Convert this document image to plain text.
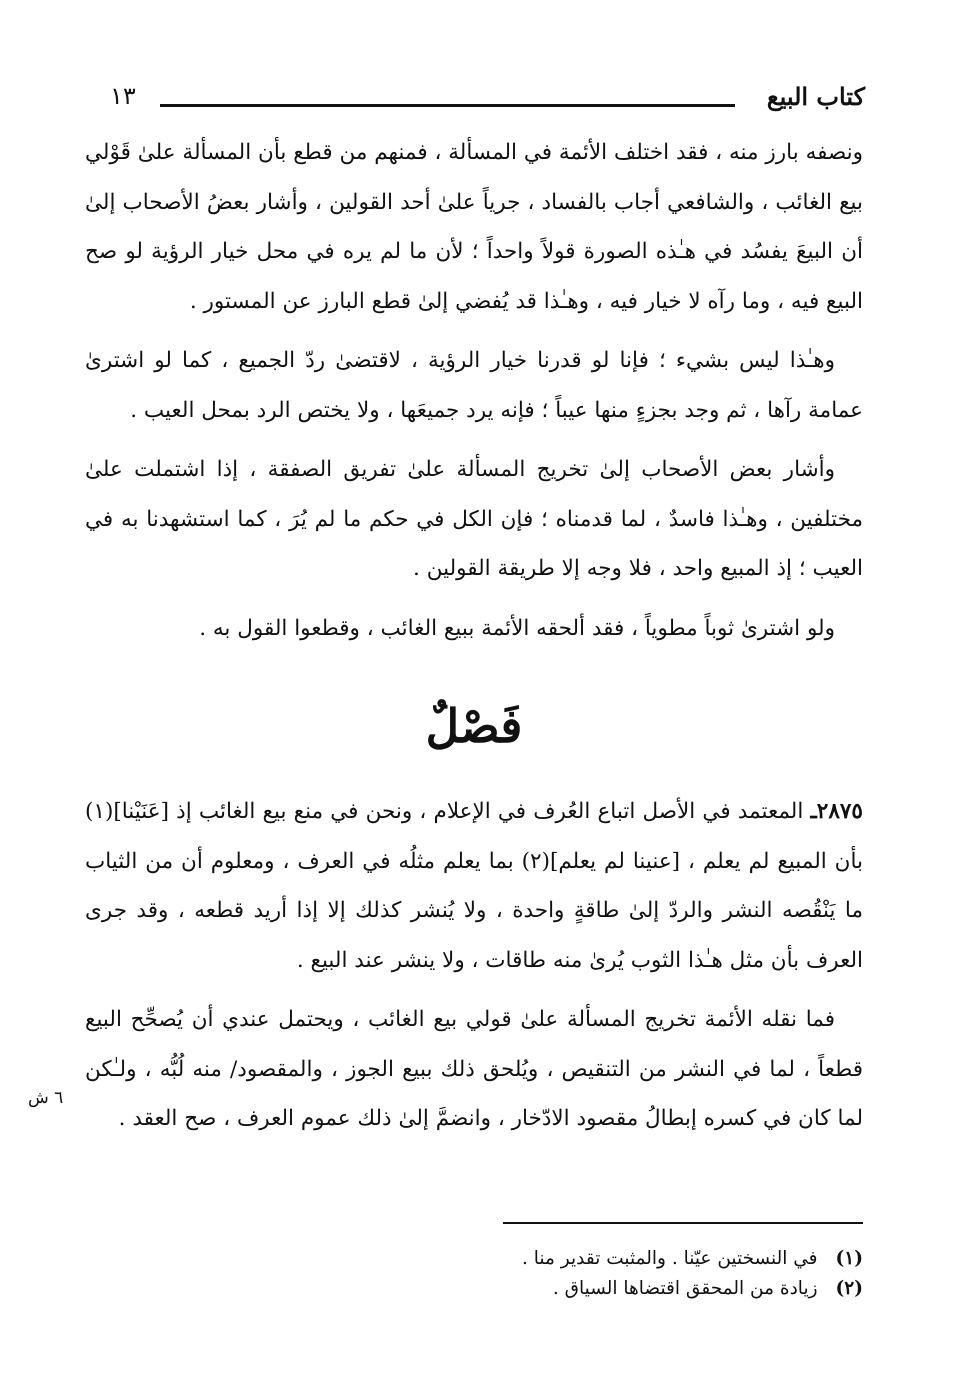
كتاب البيع
١٣

ونصفه بارز منه ، فقد اختلف الأئمة في المسألة ، فمنهم من قطع بأن المسألة علىٰ قَوْلي بيع الغائب ، والشافعي أجاب بالفساد ، جرياً علىٰ أحد القولين ، وأشار بعضُ الأصحاب إلىٰ أن البيعَ يفسُد في هـٰذه الصورة قولاً واحداً ؛ لأن ما لم يره في محل خيار الرؤية لو صح البيع فيه ، وما رآه لا خيار فيه ، وهـٰذا قد يُفضي إلىٰ قطع البارز عن المستور .

وهـٰذا ليس بشيء ؛ فإنا لو قدرنا خيار الرؤية ، لاقتضىٰ ردّ الجميع ، كما لو اشترىٰ عمامة رآها ، ثم وجد بجزءٍ منها عيباً ؛ فإنه يرد جميعَها ، ولا يختص الرد بمحل العيب .

وأشار بعض الأصحاب إلىٰ تخريج المسألة علىٰ تفريق الصفقة ، إذا اشتملت علىٰ مختلفين ، وهـٰذا فاسدٌ ، لما قدمناه ؛ فإن الكل في حكم ما لم يُرَ ، كما استشهدنا به في العيب ؛ إذ المبيع واحد ، فلا وجه إلا طريقة القولين .

ولو اشترىٰ ثوباً مطوياً ، فقد ألحقه الأئمة ببيع الغائب ، وقطعوا القول به .

فَصْلٌ

٢٨٧٥ـ المعتمد في الأصل اتباع العُرف في الإعلام ، ونحن في منع بيع الغائب إذ [عَنَيْنا](١) بأن المبيع لم يعلم ، [عنينا لم يعلم](٢) بما يعلم مثلُه في العرف ، ومعلوم أن من الثياب ما يَنْقُصه النشر والردّ إلىٰ طاقةٍ واحدة ، ولا يُنشر كذلك إلا إذا أريد قطعه ، وقد جرى العرف بأن مثل هـٰذا الثوب يُرىٰ منه طاقات ، ولا ينشر عند البيع .

فما نقله الأئمة تخريج المسألة علىٰ قولي بيع الغائب ، ويحتمل عندي أن يُصحِّح البيع قطعاً ، لما في النشر من التنقيص ، ويُلحق ذلك ببيع الجوز ، والمقصود/ منه لُبُّه ، ولـٰكن لما كان في كسره إبطالُ مقصود الادّخار ، وانضمَّ إلىٰ ذلك عموم العرف ، صح العقد .

٦ ش
(١)في النسختين عيّنا . والمثبت تقدير منا .
(٢)زيادة من المحقق اقتضاها السياق .
